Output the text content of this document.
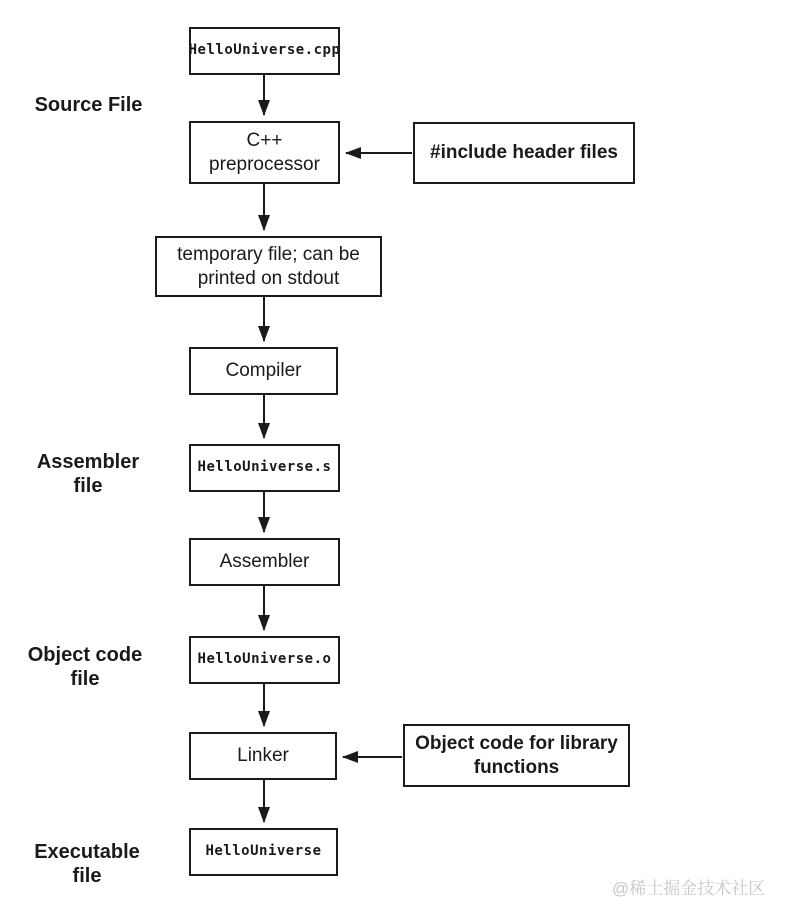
HelloUniverse.cpp
C++ preprocessor
#include header files
temporary file; can be printed on stdout
Compiler
HelloUniverse.s
Assembler
HelloUniverse.o
Linker
Object code for library functions
HelloUniverse
Source File
Assembler file
Object code file
Executable file
@稀土掘金技术社区
